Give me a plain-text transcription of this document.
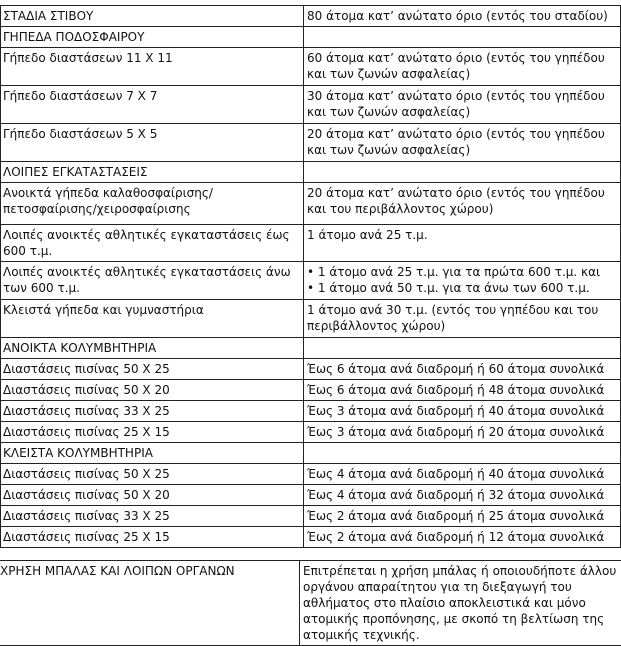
ΣΤΑΔΙΑ ΣΤΙΒΟΥ	80 άτομα κατ’ ανώτατο όριο (εντός του σταδίου)
ΓΗΠΕΔΑ ΠΟΔΟΣΦΑΙΡΟΥ	
Γήπεδο διαστάσεων 11 Χ 11	60 άτομα κατ’ ανώτατο όριο (εντός του γηπέδου και των ζωνών ασφαλείας)
Γήπεδο διαστάσεων 7 Χ 7	30 άτομα κατ’ ανώτατο όριο (εντός του γηπέδου και των ζωνών ασφαλείας)
Γήπεδο διαστάσεων 5 Χ 5	20 άτομα κατ’ ανώτατο όριο (εντός του γηπέδου και των ζωνών ασφαλείας)
ΛΟΙΠΕΣ ΕΓΚΑΤΑΣΤΑΣΕΙΣ	
Ανοικτά γήπεδα καλαθοσφαίρισης/πετοσφαίρισης/χειροσφαίρισης	20 άτομα κατ’ ανώτατο όριο (εντός του γηπέδου και του περιβάλλοντος χώρου)
Λοιπές ανοικτές αθλητικές εγκαταστάσεις έως 600 τ.μ.	1 άτομο ανά 25 τ.μ.
Λοιπές ανοικτές αθλητικές εγκαταστάσεις άνω των 600 τ.μ.	• 1 άτομο ανά 25 τ.μ. για τα πρώτα 600 τ.μ. και
• 1 άτομο ανά 50 τ.μ. για τα άνω των 600 τ.μ.

Κλειστά γήπεδα και γυμναστήρια	1 άτομο ανά 30 τ.μ. (εντός του γηπέδου και του περιβάλλοντος χώρου)
ΑΝΟΙΚΤΑ ΚΟΛΥΜΒΗΤΗΡΙΑ	
Διαστάσεις πισίνας 50 Χ 25	Έως 6 άτομα ανά διαδρομή ή 60 άτομα συνολικά
Διαστάσεις πισίνας 50 Χ 20	Έως 6 άτομα ανά διαδρομή ή 48 άτομα συνολικά
Διαστάσεις πισίνας 33 Χ 25	Έως 3 άτομα ανά διαδρομή ή 40 άτομα συνολικά
Διαστάσεις πισίνας 25 Χ 15	Έως 3 άτομα ανά διαδρομή ή 20 άτομα συνολικά
ΚΛΕΙΣΤΑ ΚΟΛΥΜΒΗΤΗΡΙΑ	
Διαστάσεις πισίνας 50 Χ 25	Έως 4 άτομα ανά διαδρομή ή 40 άτομα συνολικά
Διαστάσεις πισίνας 50 Χ 20	Έως 4 άτομα ανά διαδρομή ή 32 άτομα συνολικά
Διαστάσεις πισίνας 33 Χ 25	Έως 2 άτομα ανά διαδρομή ή 25 άτομα συνολικά
Διαστάσεις πισίνας 25 Χ 15	Έως 2 άτομα ανά διαδρομή ή 12 άτομα συνολικά
ΧΡΗΣΗ ΜΠΑΛΑΣ ΚΑΙ ΛΟΙΠΩΝ ΟΡΓΑΝΩΝ	Επιτρέπεται η χρήση μπάλας ή οποιουδήποτε άλλου οργάνου απαραίτητου για τη διεξαγωγή του αθλήματος στο πλαίσιο αποκλειστικά και μόνο ατομικής προπόνησης, με σκοπό τη βελτίωση της ατομικής τεχνικής.
